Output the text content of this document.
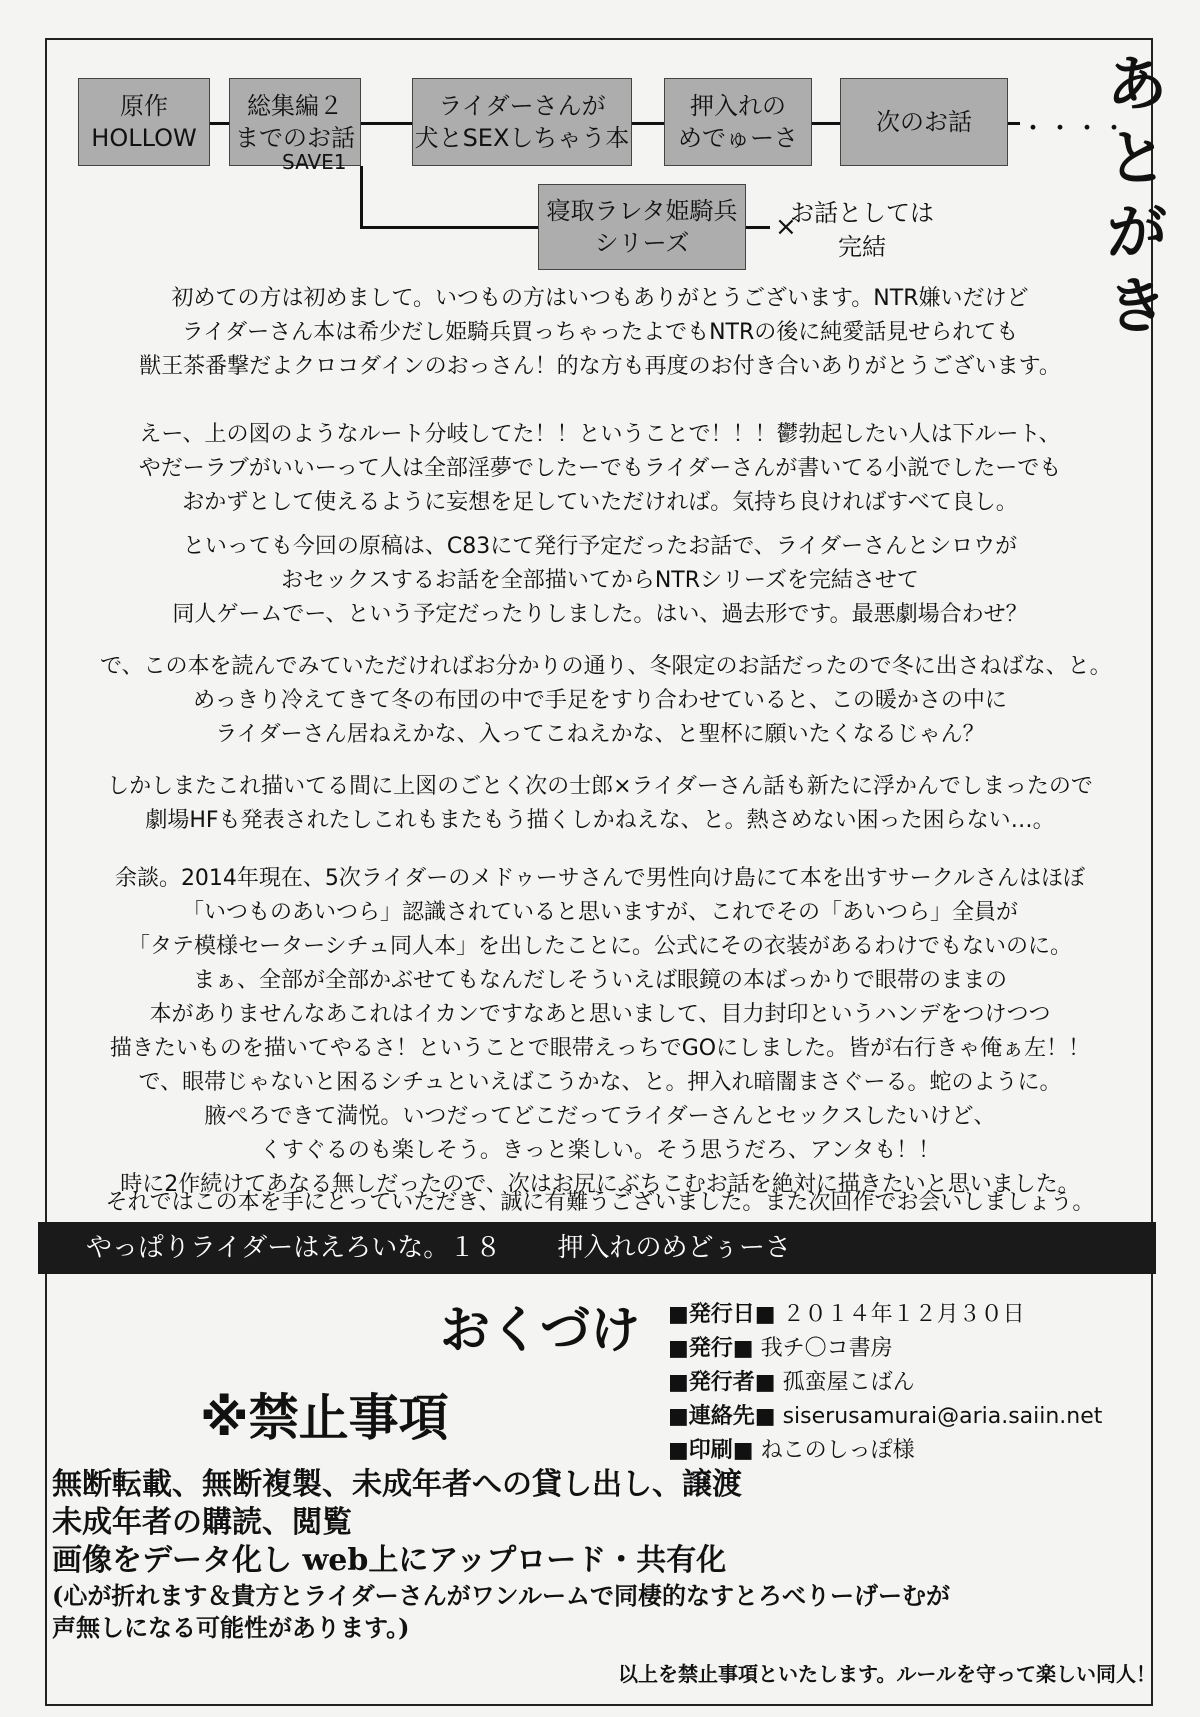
あ
と
が
き
原作
HOLLOW
総集編２
までのお話
SAVE1
ライダーさんが
犬とSEXしちゃう本
押入れの
めでゅーさ
次のお話 ・・・・
寝取ラレタ姫騎兵
シリーズ
×
お話としては
完結
初めての方は初めまして。いつもの方はいつもありがとうございます。NTR嫌いだけど
ライダーさん本は希少だし姫騎兵買っちゃったよでもNTRの後に純愛話見せられても
獣王茶番撃だよクロコダインのおっさん！的な方も再度のお付き合いありがとうございます。
えー、上の図のようなルート分岐してた！！ということで！！！鬱勃起したい人は下ルート、
やだーラブがいいーって人は全部淫夢でしたーでもライダーさんが書いてる小説でしたーでも
おかずとして使えるように妄想を足していただければ。気持ち良ければすべて良し。
といっても今回の原稿は、C83にて発行予定だったお話で、ライダーさんとシロウが
おセックスするお話を全部描いてからNTRシリーズを完結させて
同人ゲームでー、という予定だったりしました。はい、過去形です。最悪劇場合わせ？
で、この本を読んでみていただければお分かりの通り、冬限定のお話だったので冬に出さねばな、と。
めっきり冷えてきて冬の布団の中で手足をすり合わせていると、この暖かさの中に
ライダーさん居ねえかな、入ってこねえかな、と聖杯に願いたくなるじゃん？
しかしまたこれ描いてる間に上図のごとく次の士郎×ライダーさん話も新たに浮かんでしまったので
劇場HFも発表されたしこれもまたもう描くしかねえな、と。熱さめない困った困らない…。
余談。2014年現在、5次ライダーのメドゥーサさんで男性向け島にて本を出すサークルさんはほぼ
「いつものあいつら」認識されていると思いますが、これでその「あいつら」全員が
「タテ模様セーターシチュ同人本」を出したことに。公式にその衣装があるわけでもないのに。
まぁ、全部が全部かぶせてもなんだしそういえば眼鏡の本ばっかりで眼帯のままの
本がありませんなあこれはイカンですなあと思いまして、目力封印というハンデをつけつつ
描きたいものを描いてやるさ！ということで眼帯えっちでGOにしました。皆が右行きゃ俺ぁ左！！
で、眼帯じゃないと困るシチュといえばこうかな、と。押入れ暗闇まさぐーる。蛇のように。
腋ぺろできて満悦。いつだってどこだってライダーさんとセックスしたいけど、
くすぐるのも楽しそう。きっと楽しい。そう思うだろ、アンタも！！
時に2作続けてあなる無しだったので、次はお尻にぶちこむお話を絶対に描きたいと思いました。
それではこの本を手にとっていただき、誠に有難うございました。また次回作でお会いしましょう。
やっぱりライダーはえろいな。１８ 押入れのめどぅーさ
おくづけ ■発行日■ ２０１４年１２月３０日
■発行■ 我チ〇コ書房
■発行者■ 孤蛮屋こばん
■連絡先■ siserusamurai@aria.saiin.net
■印刷■ ねこのしっぽ様
※禁止事項
無断転載、無断複製、未成年者への貸し出し、譲渡
未成年者の購読、閲覧
画像をデータ化し web上にアップロード・共有化
(心が折れます＆貴方とライダーさんがワンルームで同棲的なすとろべりーげーむが
声無しになる可能性があります。)
以上を禁止事項といたします。ルールを守って楽しい同人！
